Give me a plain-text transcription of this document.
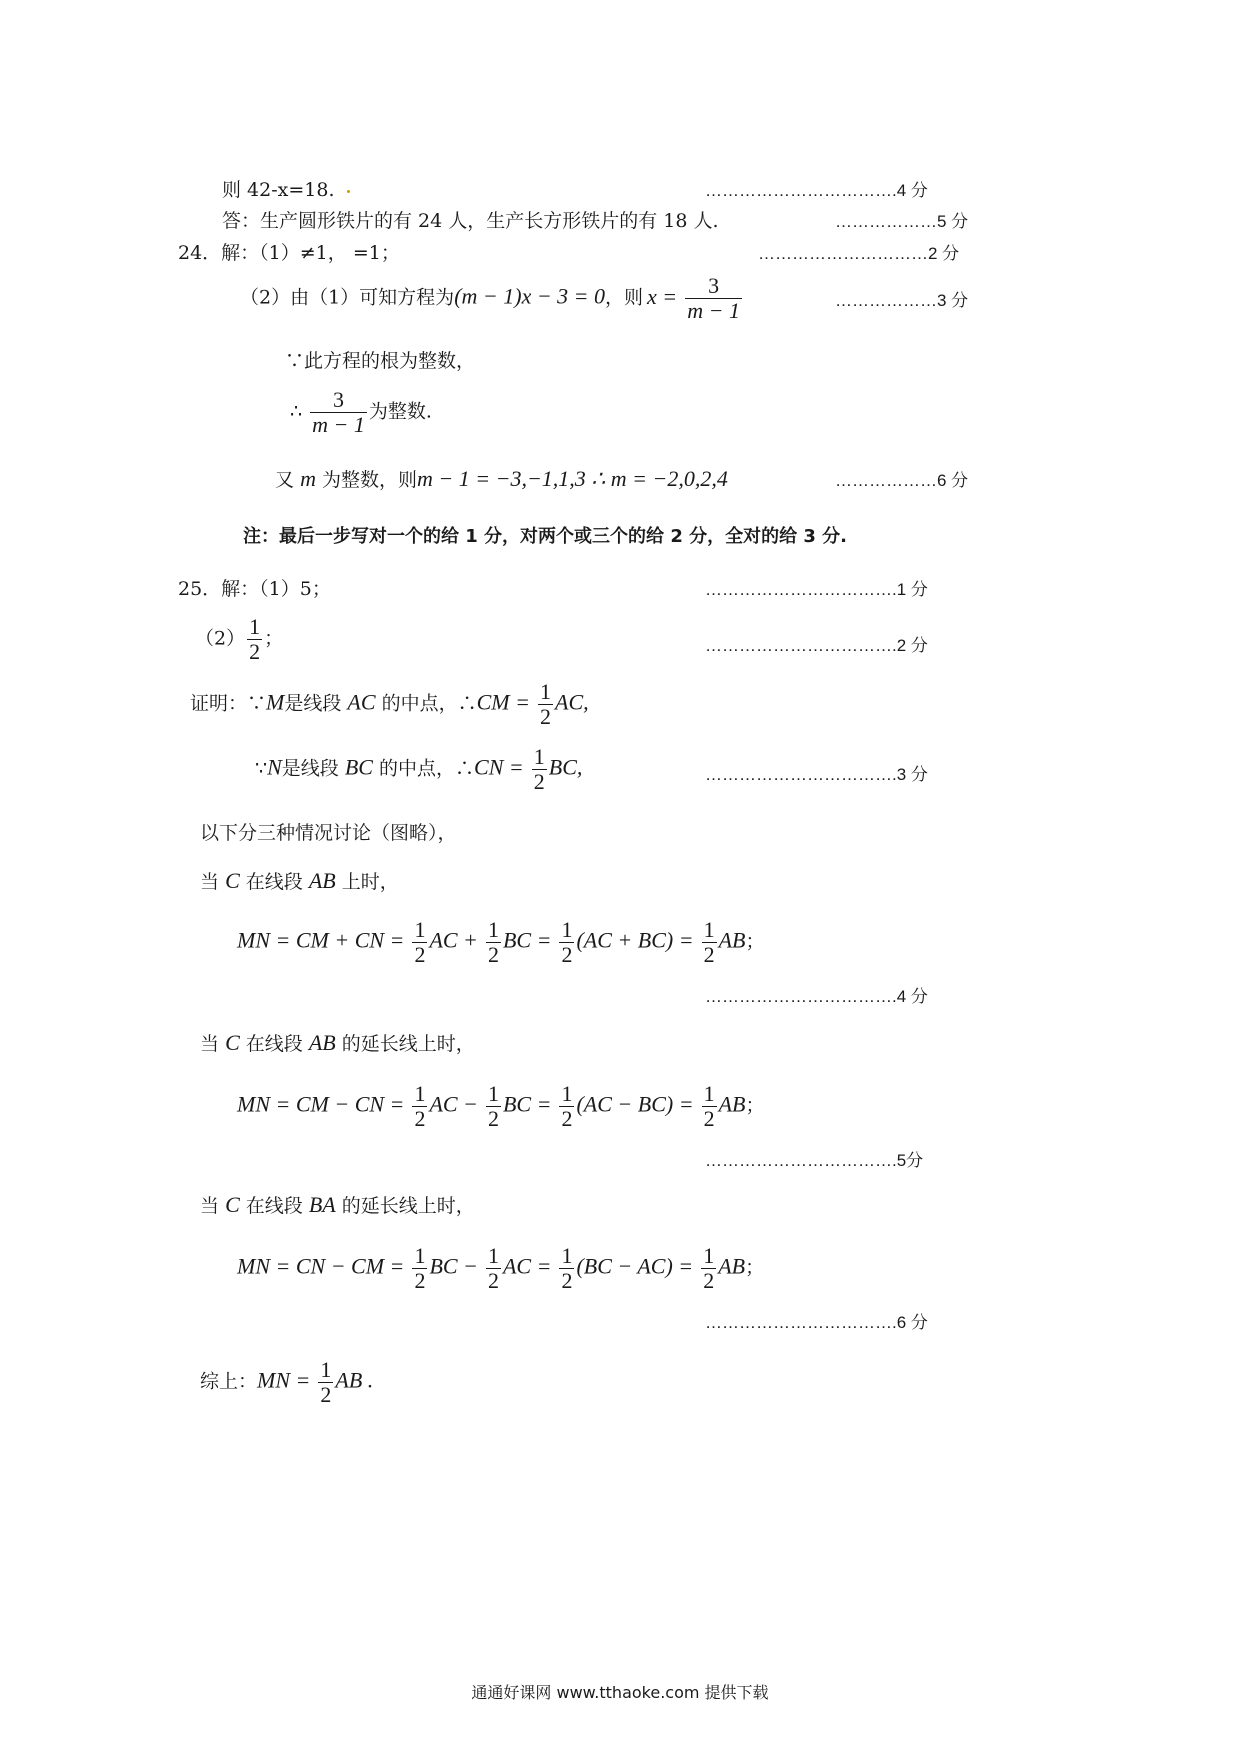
则 42-x=18.	…………………………….4 分
答：生产圆形铁片的有 24 人，生产长方形铁片的有 18 人.	………………5 分
24．解：（1）≠1， =1；	…………………………2 分
（2）由（1）可知方程为(m − 1)x − 3 = 0，则 $x = \frac{3}{m - 1}$	………………3 分
∵此方程的根为整数，
∴ $\frac{3}{m - 1}$ 为整数.
又 m 为整数，则m − 1 = −3,−1,1,3 ∴ m = −2,0,2,4	………………6 分
注：最后一步写对一个的给 1 分，对两个或三个的给 2 分，全对的给 3 分.
25．解：（1）5；	…………………………….1 分
$(2) \frac{1}{2}$ ；	…………………………….2 分
证明：∵M是线段 AC 的中点，∴CM = $\frac{1}{2}$ AC,
∵N是线段 BC 的中点，∴CN = $\frac{1}{2}$ BC,	…………………………….3 分
以下分三种情况讨论（图略），
当 C 在线段 AB 上时，
MN = CM + CN = $\frac{1}{2}$ AC + $\frac{1}{2}$ BC = $\frac{1}{2} (AC + BC) = \frac{1}{2}$ AB；
…………………………….4 分
当 C 在线段 AB 的延长线上时，
MN = CM − CN = $\frac{1}{2}$ AC − $\frac{1}{2}$ BC = $\frac{1}{2} (AC - BC) = \frac{1}{2}$ AB；
…………………………….5分
当 C 在线段 BA 的延长线上时，
MN = CN − CM = $\frac{1}{2}$ BC − $\frac{1}{2}$ AC = $\frac{1}{2} (BC - AC) = \frac{1}{2}$ AB；
…………………………….6 分
综上：MN = $\frac{1}{2}$ AB .
通通好课网 www.tthaoke.com 提供下载
